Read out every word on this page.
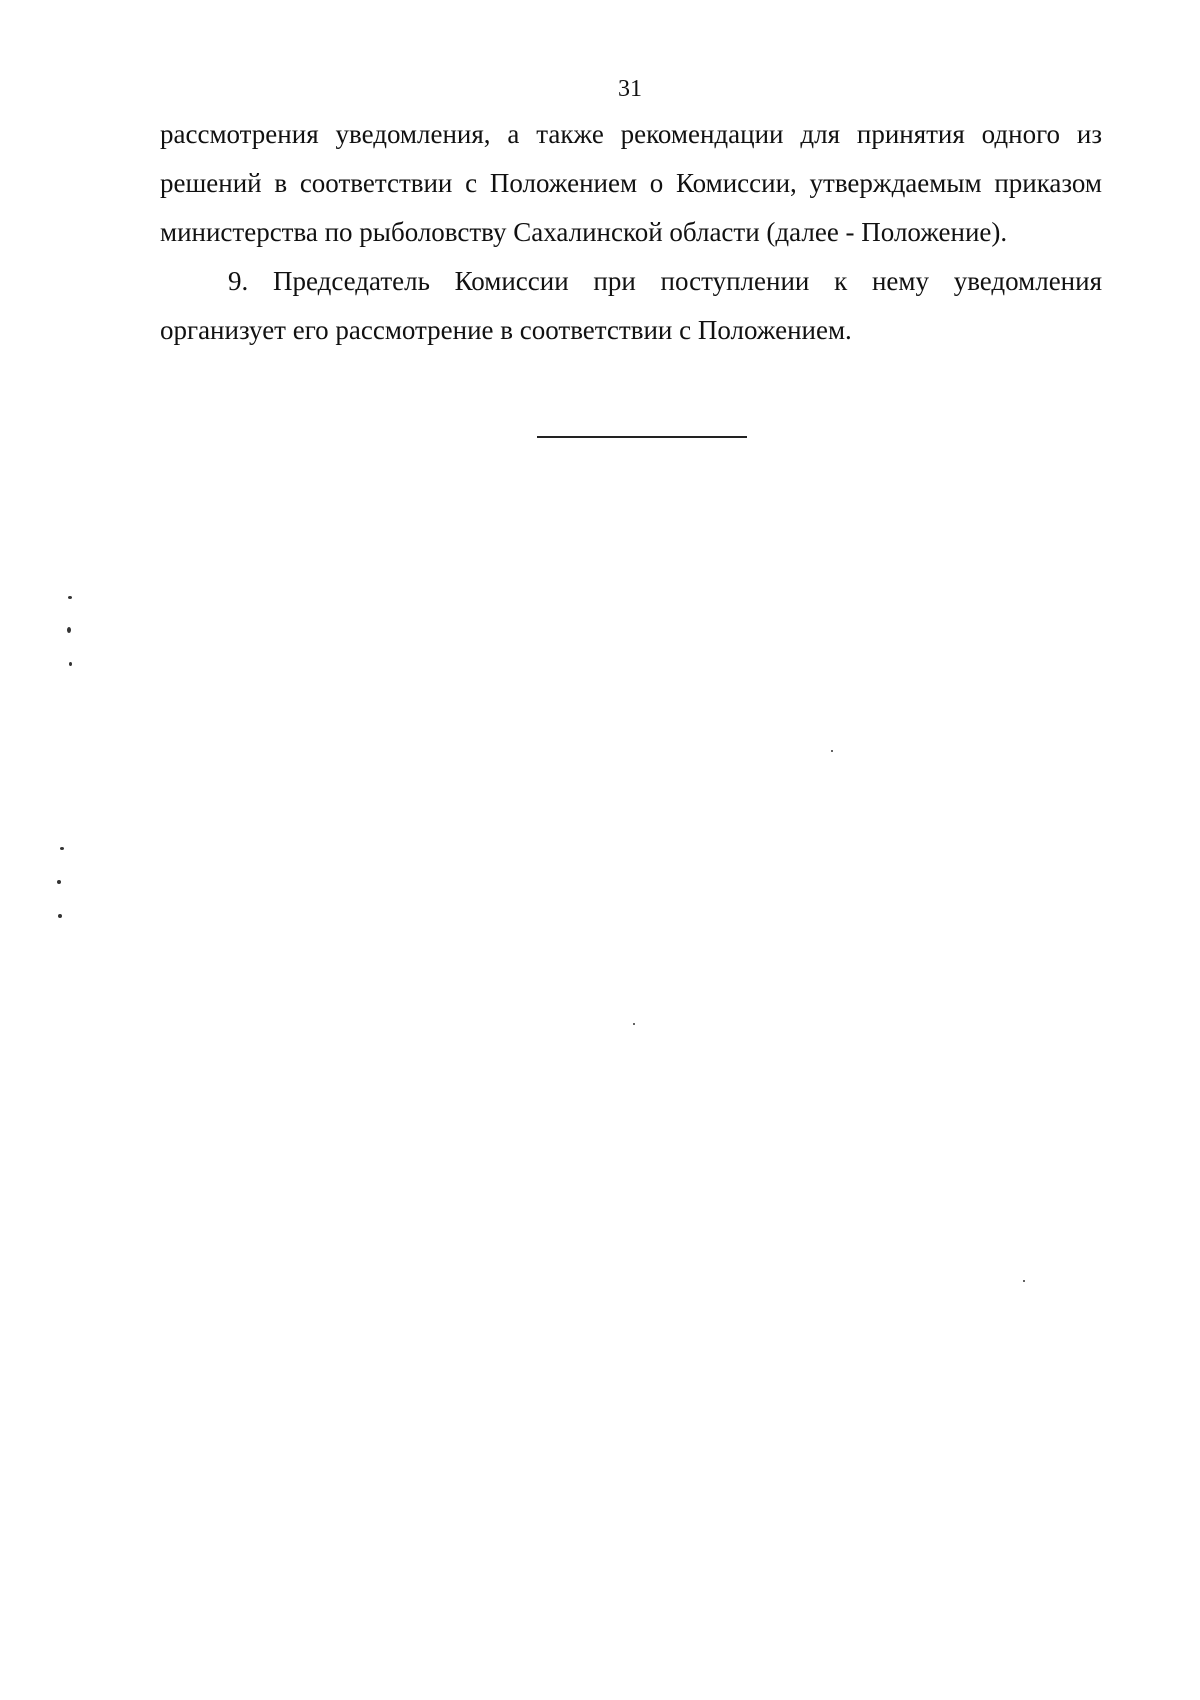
31

рассмотрения уведомления, а также рекомендации для принятия одного из решений в соответствии с Положением о Комиссии, утверждаемым приказом министерства по рыболовству Сахалинской области (далее - Положение).

9. Председатель Комиссии при поступлении к нему уведомления организует его рассмотрение в соответствии с Положением.
